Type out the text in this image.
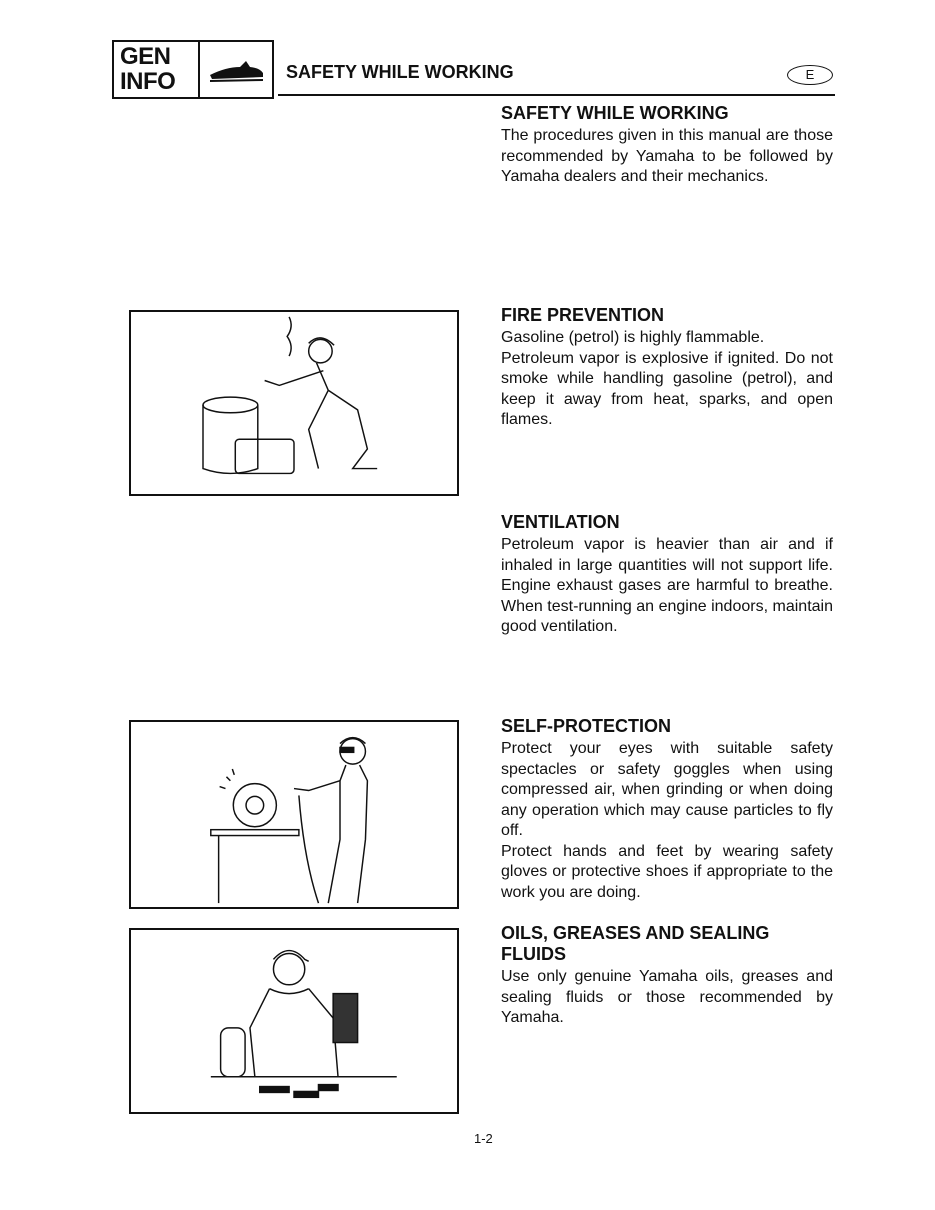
GEN
INFO	SAFETY WHILE WORKING	E
SAFETY WHILE WORKING

The procedures given in this manual are those recommended by Yamaha to be followed by Yamaha dealers and their mechanics.

FIRE PREVENTION

Gasoline (petrol) is highly flammable.

Petroleum vapor is explosive if ignited. Do not smoke while handling gasoline (petrol), and keep it away from heat, sparks, and open flames.

VENTILATION

Petroleum vapor is heavier than air and if inhaled in large quantities will not support life. Engine exhaust gases are harmful to breathe. When test-running an engine indoors, maintain good ventilation.

SELF-PROTECTION

Protect your eyes with suitable safety spectacles or safety goggles when using compressed air, when grinding or when doing any operation which may cause particles to fly off.

Protect hands and feet by wearing safety gloves or protective shoes if appropriate to the work you are doing.

OILS, GREASES AND SEALING FLUIDS

Use only genuine Yamaha oils, greases and sealing fluids or those recommended by Yamaha.

1-2
